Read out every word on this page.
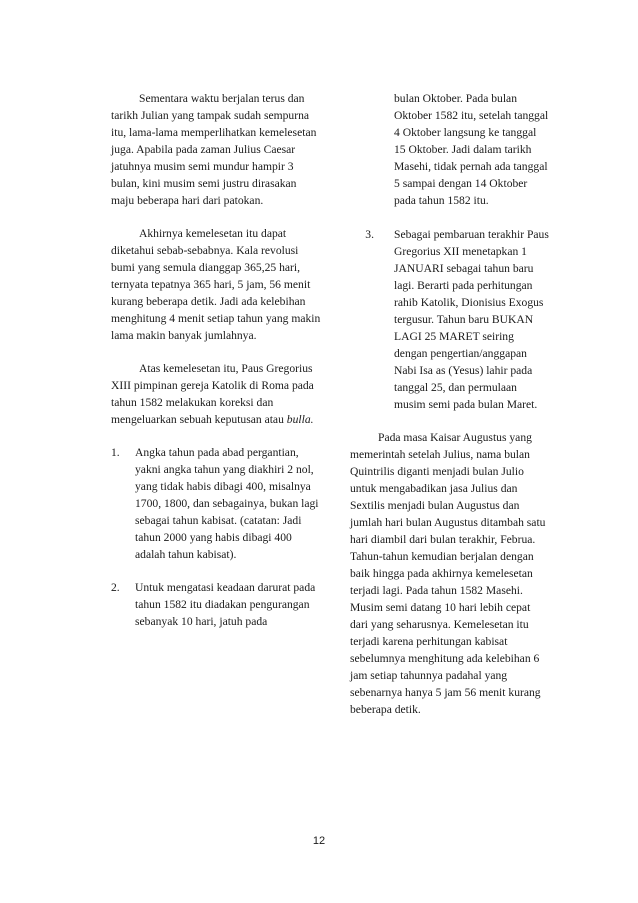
Sementara waktu berjalan terus dan tarikh Julian yang tampak sudah sempurna itu, lama-lama memperlihatkan kemelesetan juga. Apabila pada zaman Julius Caesar jatuhnya musim semi mundur hampir 3 bulan, kini musim semi justru dirasakan maju beberapa hari dari patokan.

Akhirnya kemelesetan itu dapat diketahui sebab-sebabnya. Kala revolusi bumi yang semula dianggap 365,25 hari, ternyata tepatnya 365 hari, 5 jam, 56 menit kurang beberapa detik. Jadi ada kelebihan menghitung 4 menit setiap tahun yang makin lama makin banyak jumlahnya.

Atas kemelesetan itu, Paus Gregorius XIII pimpinan gereja Katolik di Roma pada tahun 1582 melakukan koreksi dan mengeluarkan sebuah keputusan atau bulla.

1.	Angka tahun pada abad pergantian, yakni angka tahun yang diakhiri 2 nol, yang tidak habis dibagi 400, misalnya 1700, 1800, dan sebagainya, bukan lagi sebagai tahun kabisat. (catatan: Jadi tahun 2000 yang habis dibagi 400 adalah tahun kabisat).
2.	Untuk mengatasi keadaan darurat pada tahun 1582 itu diadakan pengurangan sebanyak 10 hari, jatuh pada

bulan Oktober. Pada bulan Oktober 1582 itu, setelah tanggal 4 Oktober langsung ke tanggal 15 Oktober. Jadi dalam tarikh Masehi, tidak pernah ada tanggal 5 sampai dengan 14 Oktober pada tahun 1582 itu.

3.	Sebagai pembaruan terakhir Paus Gregorius XII menetapkan 1 JANUARI sebagai tahun baru lagi. Berarti pada perhitungan rahib Katolik, Dionisius Exogus tergusur. Tahun baru BUKAN LAGI 25 MARET seiring dengan pengertian/anggapan Nabi Isa as (Yesus) lahir pada tanggal 25, dan permulaan musim semi pada bulan Maret.

Pada masa Kaisar Augustus yang memerintah setelah Julius, nama bulan Quintrilis diganti menjadi bulan Julio untuk mengabadikan jasa Julius dan Sextilis menjadi bulan Augustus dan jumlah hari bulan Augustus ditambah satu hari diambil dari bulan terakhir, Februa. Tahun-tahun kemudian berjalan dengan baik hingga pada akhirnya kemelesetan terjadi lagi. Pada tahun 1582 Masehi. Musim semi datang 10 hari lebih cepat dari yang seharusnya. Kemelesetan itu terjadi karena perhitungan kabisat sebelumnya menghitung ada kelebihan 6 jam setiap tahunnya padahal yang sebenarnya hanya 5 jam 56 menit kurang beberapa detik.

12
